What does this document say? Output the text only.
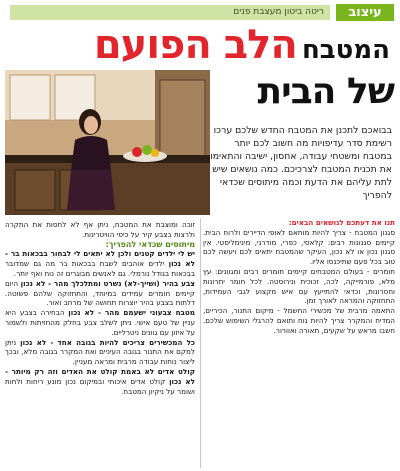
עיצוב
ריטה ביטון מעצבת פנים
המטבח הלב הפועם
של הבית

בבואכם לתכנן את המטבח החדש שלכם ערכו רשימת סדר עדיפויות מה חשוב לכם יותר במטבח ומשטחי עבודה, אחסון, ישיבה והתאימו את תכנית המטבח לצרכיכם. כמה נושאים שיש לתת עליהם את הדעת וכמה מיתוסים שכדאי להפריך

תנו את דעתכם לנושאים הבאים:

סגנון המטבח - צריך להיות מותאם לאופי הדיירים ולרוח הבית. קיימים סגנונות רבים: קלאסי, כפרי, מודרני, מינימליסטי. אין סגנון נכון או לא נכון, העיקר שהמטבח יתאים לכם ויעשה לכם טוב בכל פעם שתיכנסו אליו.

חומרים - בעולם המטבחים קיימים חומרים רבים ומגוונים: עץ מלא, פורמייקה, לכה, זכוכית ונירוסטה. לכל חומר יתרונות וחסרונות, וכדאי להתייעץ עם איש מקצוע לגבי העמידות, התחזוקה והמראה לאורך זמן.

התאמה מרבית של מכשירי החשמל - מיקום התנור, הכיריים, המדיח והמקרר צריך להיות נוח ותואם להרגלי השימוש שלכם. חשבו מראש על שקעים, תאורה ואוורור.

זוכה ומוצבת את המטבח, ניתן אף לא לחסות את התקרה ולרצות בצבע קיר על כיסי הוויטרינות.

מיתוסים שכדאי להפריך:
יש לי ילדים קטנים ולכן לא יתאים לי לבחור בבכאות בר - לא נכון ילדים אוהבים לשבת בבכאות בר מה גם שמדובר בבכאות בגודל נורמלי. גם לאנשים מבוגרים זה נוח ואף יותר.
צבע בהיר (ושייך-לא) נשרט ומתלכלך מהר - לא נכון היום קיימים חומרים עמידים במיוחד, והתחזוקה שלהם פשוטה. דלתות בצבע בהיר יוצרות תחושה של מרחב ואור.
מטבח צבעוני ישעמם מהר - לא נכון הבחירה בצבע היא עניין של טעם אישי. ניתן לשלב צבע בחלק מהחזיתות ולשמור על איזון עם גוונים ניטרליים.
כל המכשירים צריכים להיות בגובה אחד - לא נכון ניתן למקם את התנור בגובה העיניים ואת המקרר בגובה מלא, ובכך ליצור נוחות עבודה מרבית ומראה מעניין.
קולט אדים לא באמת קולט את האדים וזה רק מיותר - לא נכון קולט אדים איכותי ובמיקום נכון מונע ריחות ולחות ושומר על ניקיון המטבח.
